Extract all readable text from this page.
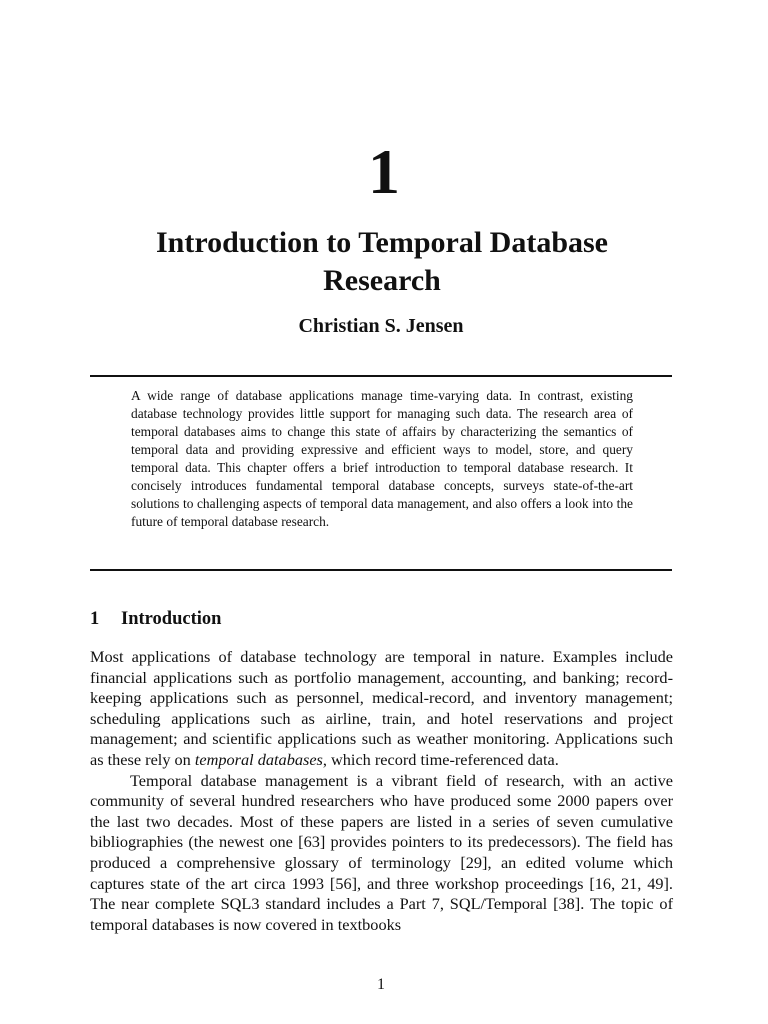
1
Introduction to Temporal Database Research
Christian S. Jensen

A wide range of database applications manage time-varying data. In contrast, existing database technology provides little support for managing such data. The research area of temporal databases aims to change this state of affairs by characterizing the semantics of temporal data and providing expressive and efficient ways to model, store, and query temporal data. This chapter offers a brief introduction to temporal database research. It concisely introduces fundamental temporal database concepts, surveys state-of-the-art solutions to challenging aspects of temporal data management, and also offers a look into the future of temporal database research.

1 Introduction

Most applications of database technology are temporal in nature. Examples include financial applications such as portfolio management, accounting, and banking; record-keeping applications such as personnel, medical-record, and inventory management; scheduling applications such as airline, train, and hotel reservations and project management; and scientific applications such as weather monitoring. Applications such as these rely on temporal databases, which record time-referenced data.

Temporal database management is a vibrant field of research, with an active community of several hundred researchers who have produced some 2000 papers over the last two decades. Most of these papers are listed in a series of seven cumulative bibliographies (the newest one [63] provides pointers to its predecessors). The field has produced a comprehensive glossary of terminology [29], an edited volume which captures state of the art circa 1993 [56], and three workshop proceedings [16, 21, 49]. The near complete SQL3 standard includes a Part 7, SQL/Temporal [38]. The topic of temporal databases is now covered in textbooks

1
